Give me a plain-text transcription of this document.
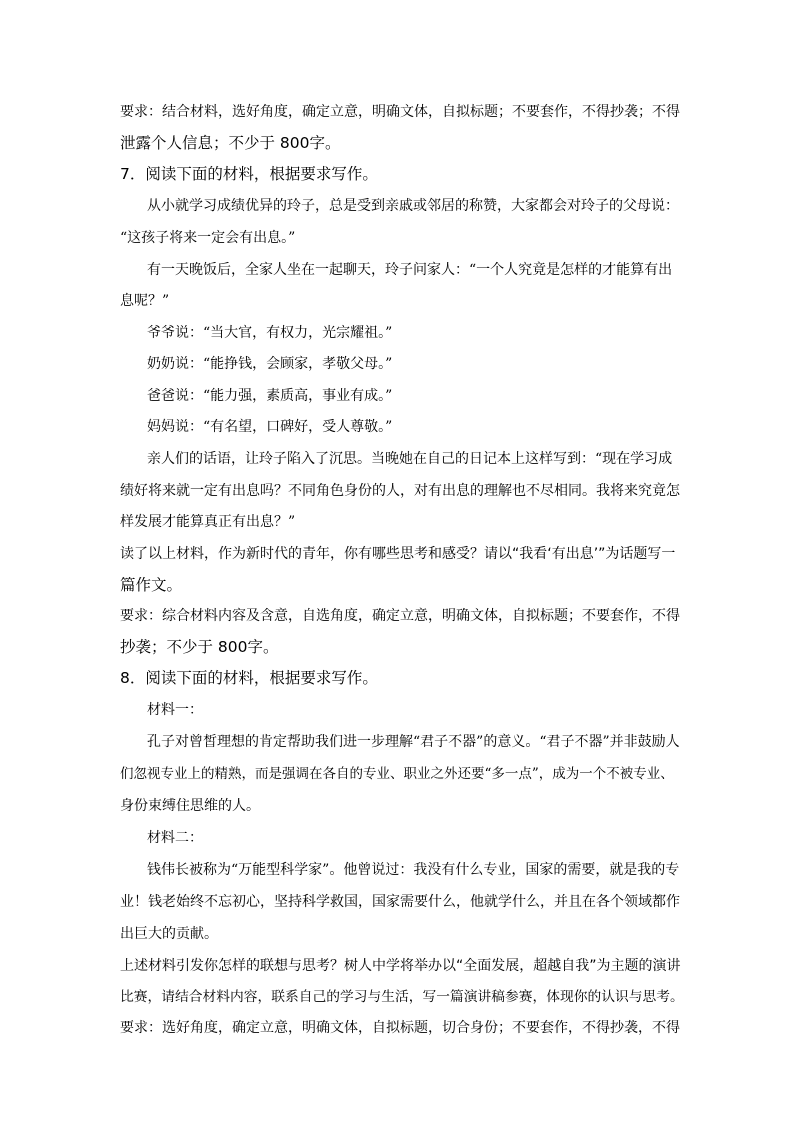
要求：结合材料，选好角度，确定立意，明确文体，自拟标题；不要套作，不得抄袭；不得

泄露个人信息；不少于 800字。

7．阅读下面的材料，根据要求写作。

从小就学习成绩优异的玲子，总是受到亲戚或邻居的称赞，大家都会对玲子的父母说：

“这孩子将来一定会有出息。”

有一天晚饭后，全家人坐在一起聊天，玲子问家人：“一个人究竟是怎样的才能算有出

息呢？”

爷爷说：“当大官，有权力，光宗耀祖。”

奶奶说：“能挣钱，会顾家，孝敬父母。”

爸爸说：“能力强，素质高，事业有成。”

妈妈说：“有名望，口碑好，受人尊敬。”

亲人们的话语，让玲子陷入了沉思。当晚她在自己的日记本上这样写到：“现在学习成

绩好将来就一定有出息吗？不同角色身份的人，对有出息的理解也不尽相同。我将来究竟怎

样发展才能算真正有出息？”

读了以上材料，作为新时代的青年，你有哪些思考和感受？请以“我看‘有出息’”为话题写一

篇作文。

要求：综合材料内容及含意，自选角度，确定立意，明确文体，自拟标题；不要套作，不得

抄袭；不少于 800字。

8．阅读下面的材料，根据要求写作。

材料一：

孔子对曾皙理想的肯定帮助我们进一步理解“君子不器”的意义。“君子不器”并非鼓励人

们忽视专业上的精熟，而是强调在各自的专业、职业之外还要“多一点”，成为一个不被专业、

身份束缚住思维的人。

材料二：

钱伟长被称为“万能型科学家”。他曾说过：我没有什么专业，国家的需要，就是我的专

业！钱老始终不忘初心，坚持科学救国，国家需要什么，他就学什么，并且在各个领域都作

出巨大的贡献。

上述材料引发你怎样的联想与思考？树人中学将举办以“全面发展，超越自我”为主题的演讲

比赛，请结合材料内容，联系自己的学习与生活，写一篇演讲稿参赛，体现你的认识与思考。

要求：选好角度，确定立意，明确文体，自拟标题，切合身份；不要套作，不得抄袭，不得
